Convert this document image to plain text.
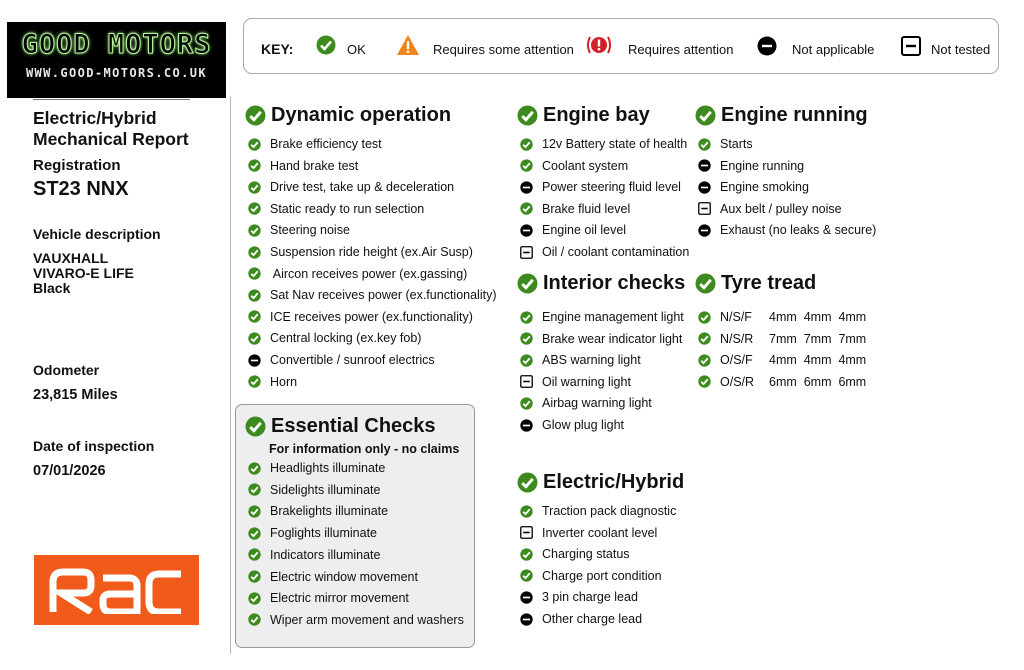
GOOD MOTORS
WWW.GOOD-MOTORS.CO.UK
Electric/Hybrid
Mechanical Report
Registration
ST23 NNX
Vehicle description
VAUXHALL
VIVARO-E LIFE
Black
Odometer
23,815 Miles
Date of inspection
07/01/2026
KEY:	OK	Requires some attention	Requires attention	Not applicable	Not tested
Dynamic operation
Brake efficiency test
Hand brake test
Drive test, take up & deceleration
Static ready to run selection
Steering noise
Suspension ride height (ex.Air Susp)
Aircon receives power (ex.gassing)
Sat Nav receives power (ex.functionality)
ICE receives power (ex.functionality)
Central locking (ex.key fob)
Convertible / sunroof electrics
Horn
Essential Checks
For information only - no claims
Headlights illuminate
Sidelights illuminate
Brakelights illuminate
Foglights illuminate
Indicators illuminate
Electric window movement
Electric mirror movement
Wiper arm movement and washers
Engine bay
12v Battery state of health
Coolant system
Power steering fluid level
Brake fluid level
Engine oil level
Oil / coolant contamination
Interior checks
Engine management light
Brake wear indicator light
ABS warning light
Oil warning light
Airbag warning light
Glow plug light
Electric/Hybrid
Traction pack diagnostic
Inverter coolant level
Charging status
Charge port condition
3 pin charge lead
Other charge lead
Engine running
Starts
Engine running
Engine smoking
Aux belt / pulley noise
Exhaust (no leaks & secure)
Tyre tread
N/S/F 4mm  4mm  4mm
N/S/R 7mm  7mm  7mm
O/S/F 4mm  4mm  4mm
O/S/R 6mm  6mm  6mm
